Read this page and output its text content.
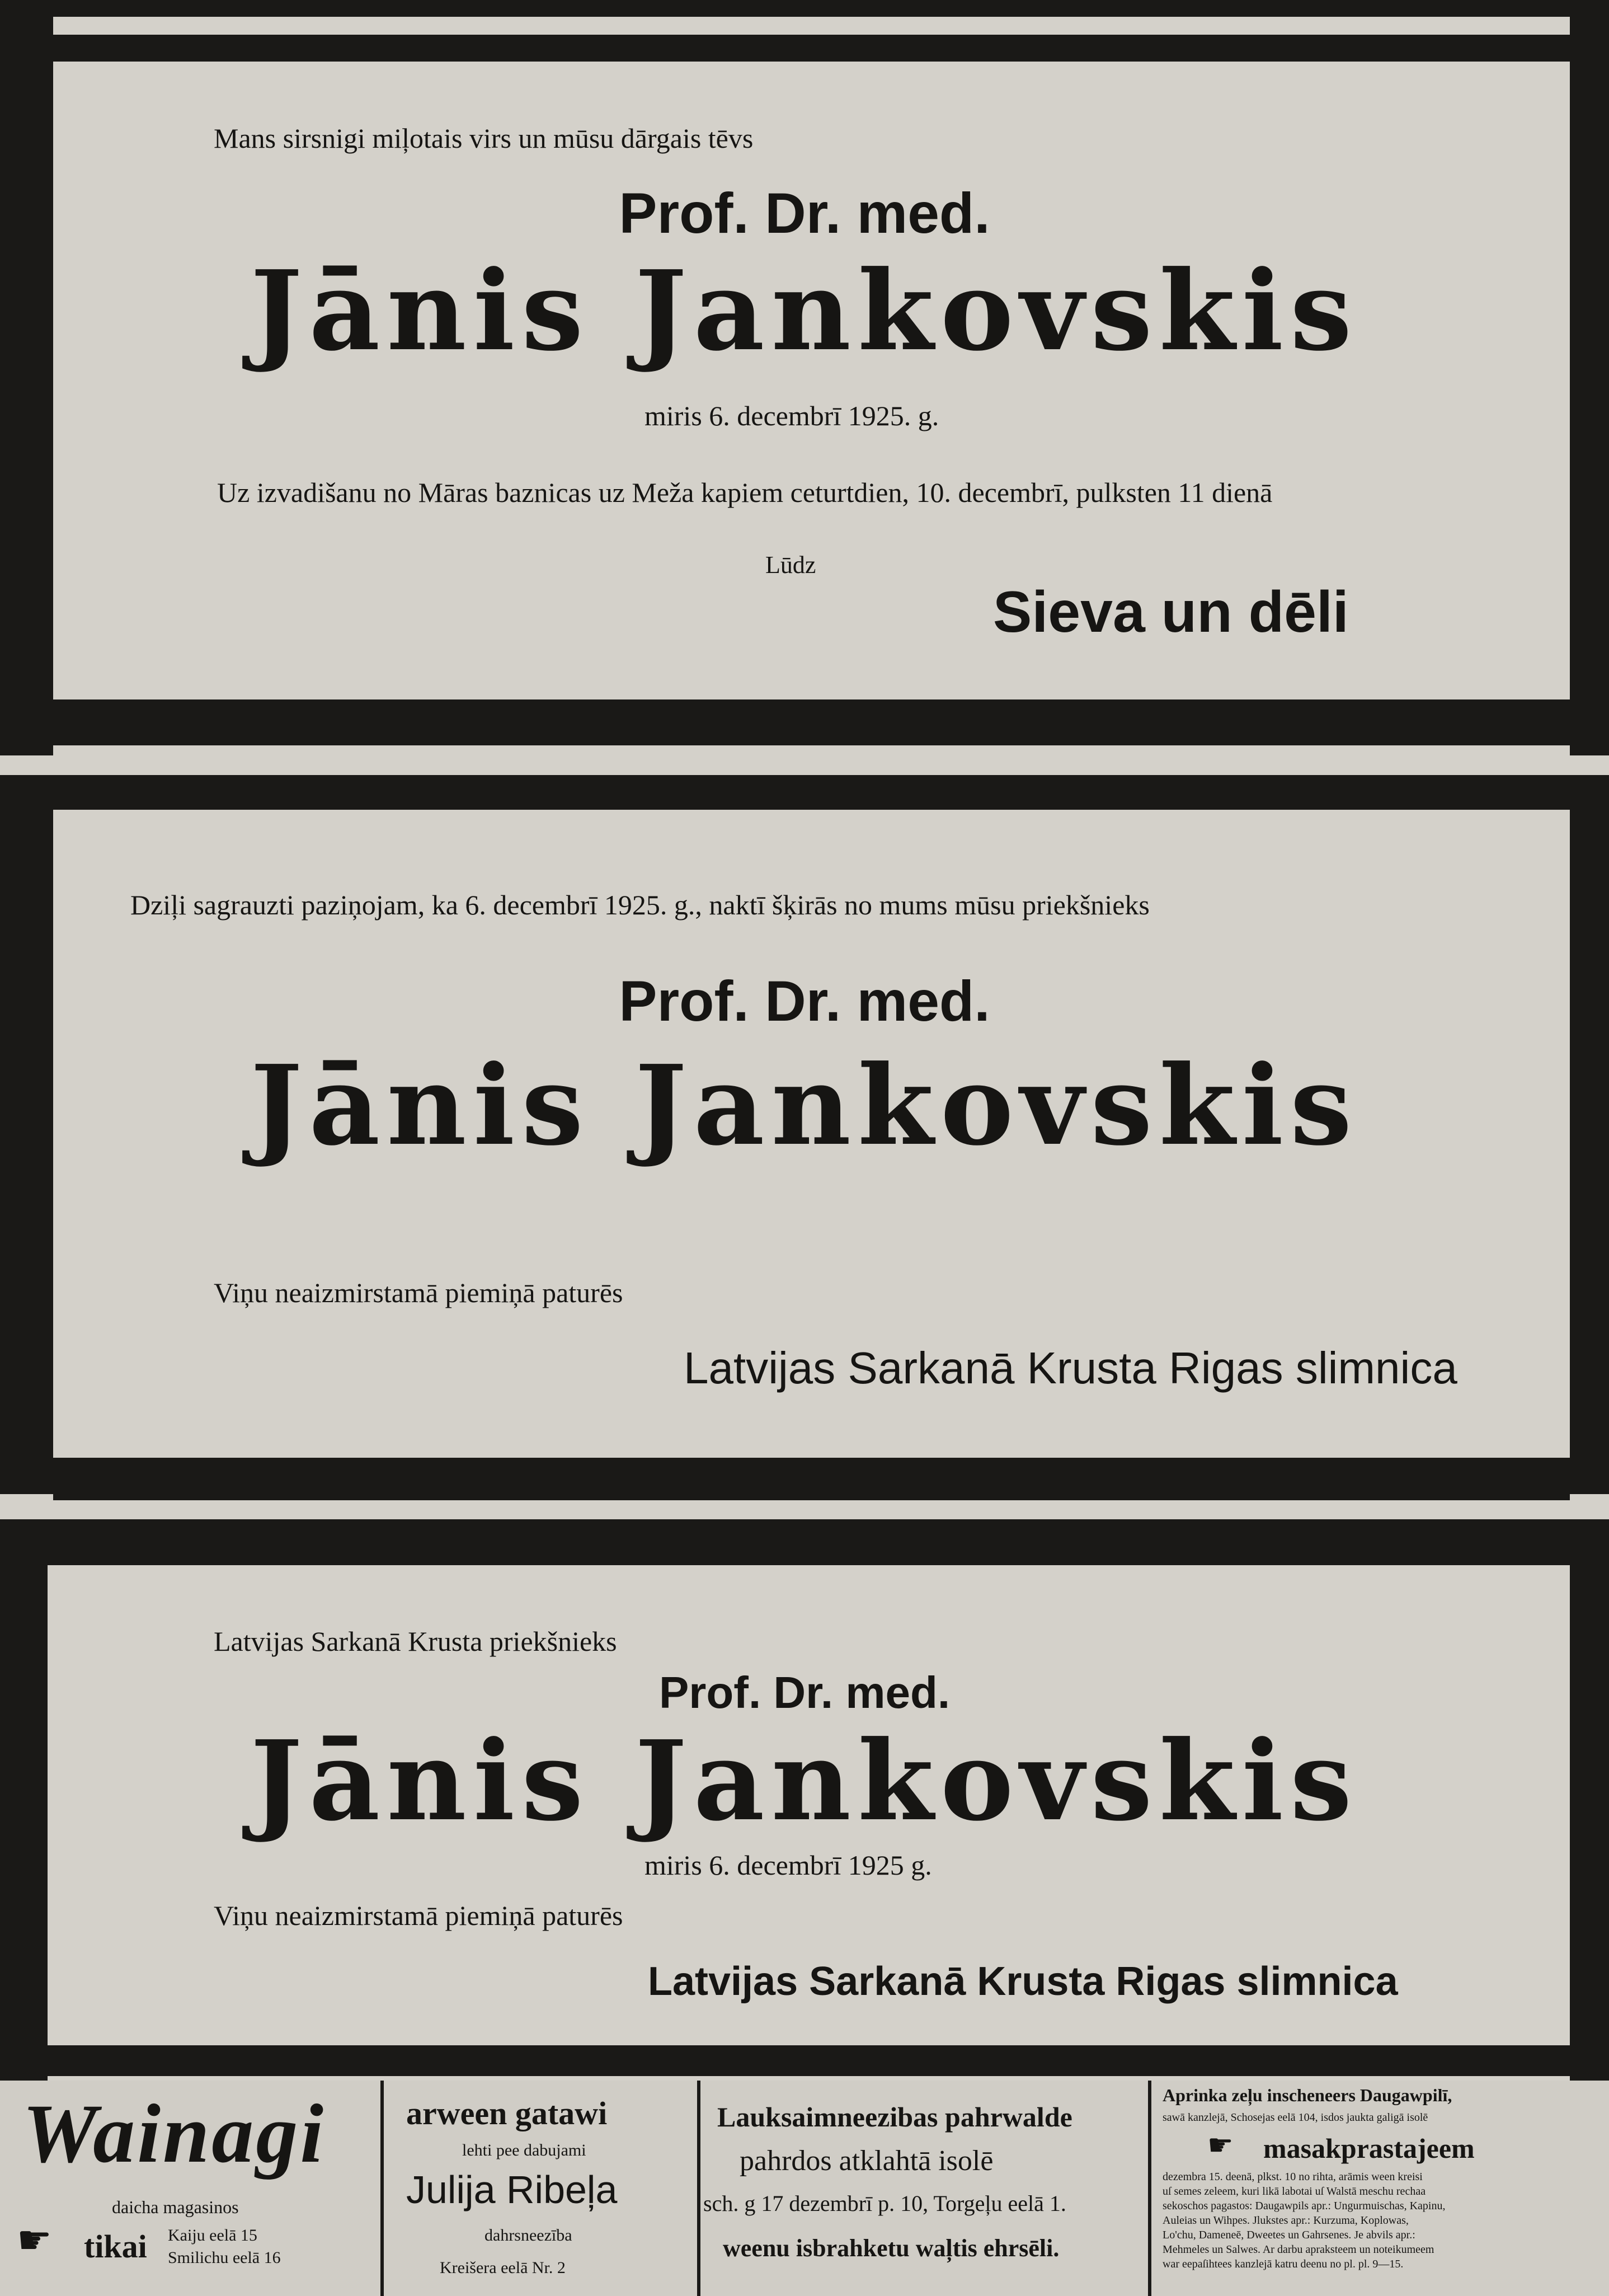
Mans sirsnigi miļotais virs un mūsu dārgais tēvs
Prof. Dr. med.
Jānis Jankovskis
miris 6. decembrī 1925. g.
Uz izvadišanu no Māras baznicas uz Meža kapiem ceturtdien, 10. decembrī, pulksten 11 dienā
Lūdz
Sieva un dēli
Dziļi sagrauzti paziņojam, ka 6. decembrī 1925. g., naktī šķirās no mums mūsu priekšnieks
Prof. Dr. med.
Jānis Jankovskis
Viņu neaizmirstamā piemiņā paturēs
Latvijas Sarkanā Krusta Rigas slimnica
Latvijas Sarkanā Krusta priekšnieks
Prof. Dr. med.
Jānis Jankovskis
miris 6. decembrī 1925 g.
Viņu neaizmirstamā piemiņā paturēs
Latvijas Sarkanā Krusta Rigas slimnica
Wainagi
daicha magasinos
☛ tikai Kaiju eelā 15
Smilichu eelā 16
arween gatawi
lehti pee dabujami
Julija Ribeļa
dahrsneezība
Kreišera eelā Nr. 2
Lauksaimneezibas pahrwalde
pahrdos atklahtā isolē
sch. g 17 dezembrī p. 10, Torgeļu eelā 1.
weenu isbrahketu waļtis ehrsēli.
Aprinka zeļu inscheneers Daugawpilī,
sawā kanzlejā, Schosejas eelā 104, isdos jaukta galigā isolē
☛ masakprastajeem
dezembra 15. deenā, plkst. 10 no rihta, arāmis ween kreisi
uſ semes zeleem, kuri likā labotai uſ Walstā meschu rechaa
sekoschos pagastos: Daugawpils apr.: Ungurmuischas, Kapinu,
Auleias un Wihpes. Jlukstes apr.: Kurzuma, Koplowas,
Lo'chu, Dameneē, Dweetes un Gahrsenes. Je abvils apr.:
Mehmeles un Salwes. Ar darbu apraksteem un noteikumeem
war eepaſihtees kanzlejā katru deenu no pl. pl. 9—15.
